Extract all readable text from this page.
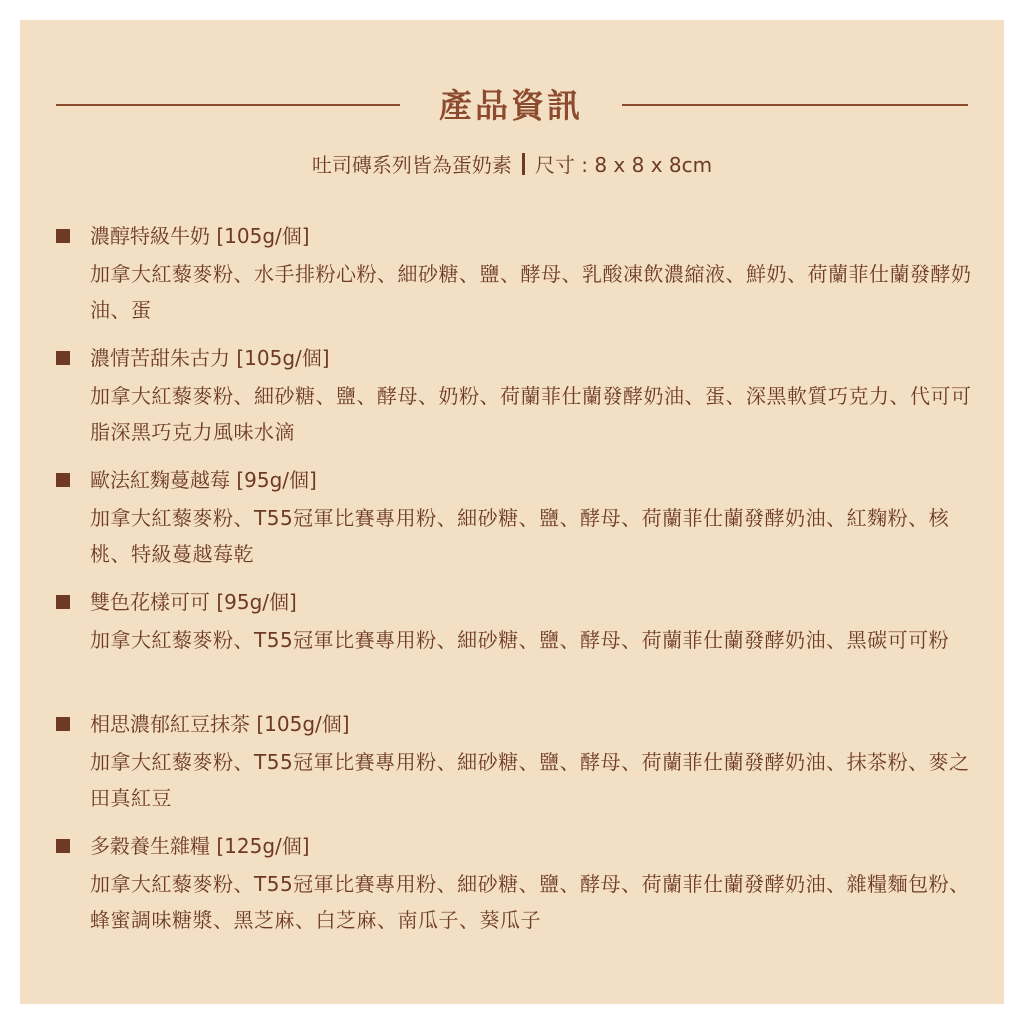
產品資訊
吐司磚系列皆為蛋奶素 尺寸 : 8 x 8 x 8cm
濃醇特級牛奶 [105g/個]
加拿大紅藜麥粉、水手排粉心粉、細砂糖、鹽、酵母、乳酸凍飲濃縮液、鮮奶、荷蘭菲仕蘭發酵奶油、蛋
濃情苦甜朱古力 [105g/個]
加拿大紅藜麥粉、細砂糖、鹽、酵母、奶粉、荷蘭菲仕蘭發酵奶油、蛋、深黑軟質巧克力、代可可脂深黑巧克力風味水滴
歐法紅麴蔓越莓 [95g/個]
加拿大紅藜麥粉、T55冠軍比賽專用粉、細砂糖、鹽、酵母、荷蘭菲仕蘭發酵奶油、紅麴粉、核桃、特級蔓越莓乾
雙色花樣可可 [95g/個]
加拿大紅藜麥粉、T55冠軍比賽專用粉、細砂糖、鹽、酵母、荷蘭菲仕蘭發酵奶油、黑碳可可粉
相思濃郁紅豆抹茶 [105g/個]
加拿大紅藜麥粉、T55冠軍比賽專用粉、細砂糖、鹽、酵母、荷蘭菲仕蘭發酵奶油、抹茶粉、麥之田真紅豆
多穀養生雜糧 [125g/個]
加拿大紅藜麥粉、T55冠軍比賽專用粉、細砂糖、鹽、酵母、荷蘭菲仕蘭發酵奶油、雜糧麵包粉、蜂蜜調味糖漿、黑芝麻、白芝麻、南瓜子、葵瓜子
